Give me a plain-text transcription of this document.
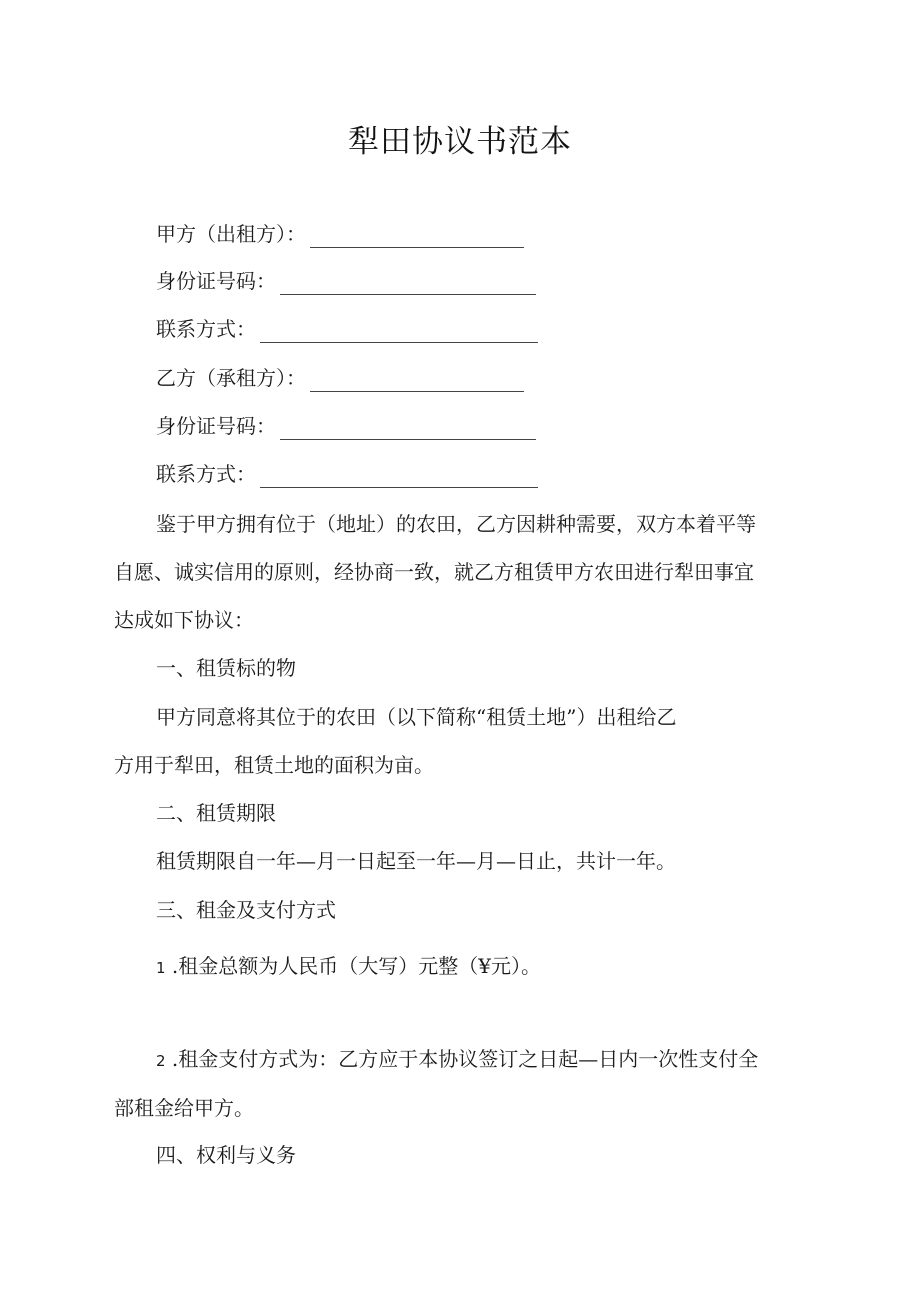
犁田协议书范本
甲方（出租方）：
身份证号码：
联系方式：
乙方（承租方）：
身份证号码：
联系方式：
鉴于甲方拥有位于（地址）的农田，乙方因耕种需要，双方本着平等
自愿、诚实信用的原则，经协商一致，就乙方租赁甲方农田进行犁田事宜
达成如下协议：
一、租赁标的物
甲方同意将其位于的农田（以下简称“租赁土地”）出租给乙
方用于犁田，租赁土地的面积为亩。
二、租赁期限
租赁期限自一年—月一日起至一年—月—日止，共计一年。
三、租金及支付方式
1 .租金总额为人民币（大写）元整（¥元）。
2 .租金支付方式为：乙方应于本协议签订之日起—日内一次性支付全
部租金给甲方。
四、权利与义务
